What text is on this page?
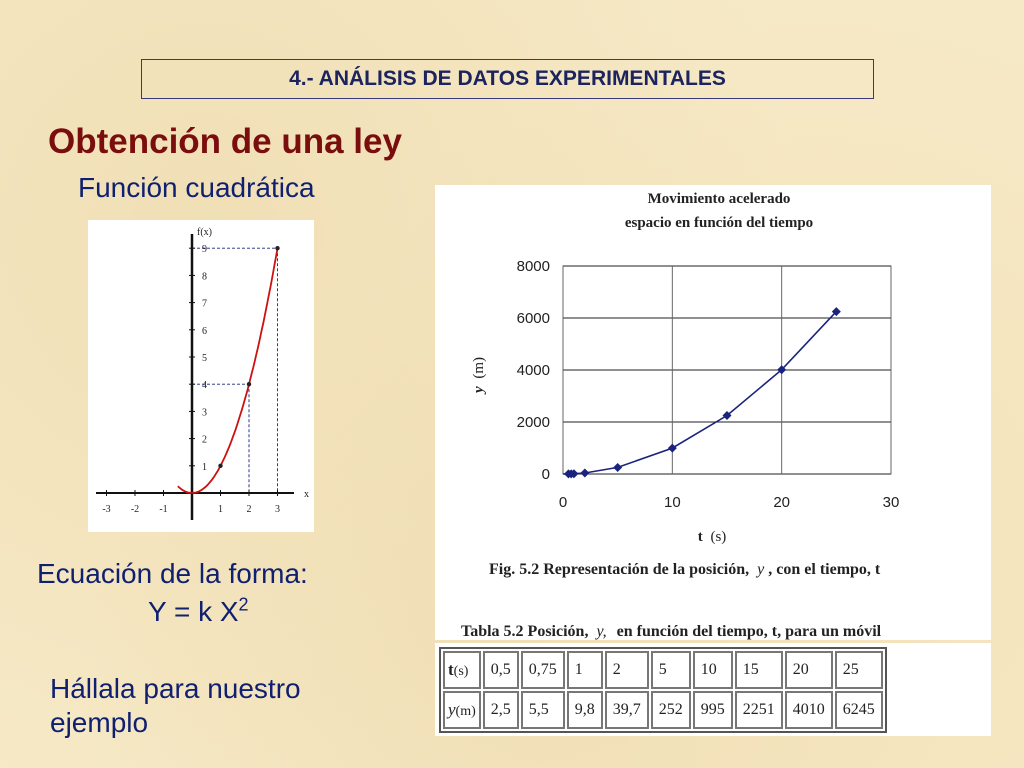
4.- ANÁLISIS DE DATOS EXPERIMENTALES
Obtención de una ley
Función cuadrática
-3 -2 -1	1 2 3
1
2
3
4
5
6
7
8
9
f(x)
x
Ecuación de la forma:
Y = k $X^2$
Hállala para nuestro
ejemplo
Movimiento acelerado
espacio en función del tiempo
0	10	20	30
0
2000
4000
6000
8000
y (m)
t (s)
Fig. 5.2 Representación de la posición, y , con el tiempo, t
Tabla 5.2 Posición, y, en función del tiempo, t, para un móvil
t(s)	0,5	0,75	1	2	5	10	15	20	25
y(m)	2,5	5,5	9,8	39,7	252	995	2251	4010	6245
